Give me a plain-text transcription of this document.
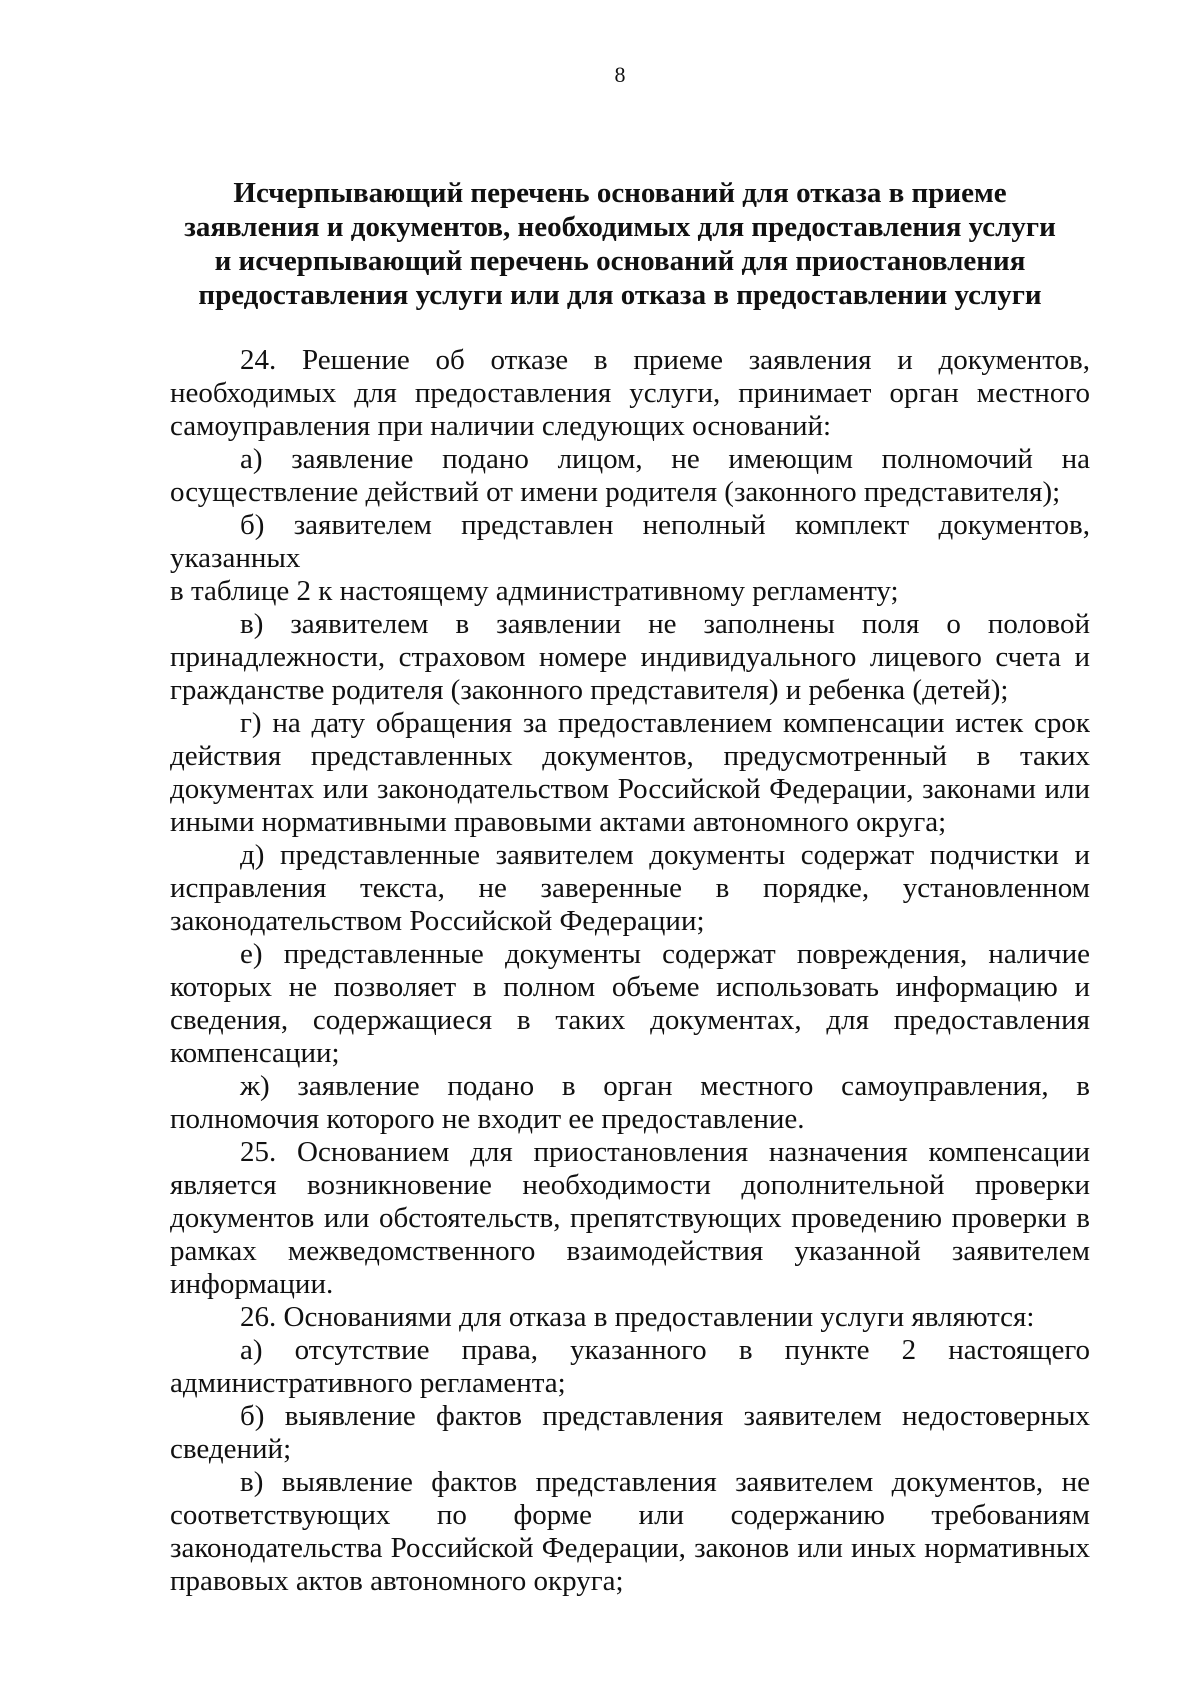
8
Исчерпывающий перечень оснований для отказа в приеме
заявления и документов, необходимых для предоставления услуги
и исчерпывающий перечень оснований для приостановления
предоставления услуги или для отказа в предоставлении услуги

24. Решение об отказе в приеме заявления и документов, необходимых для предоставления услуги, принимает орган местного самоуправления при наличии следующих оснований:

а) заявление подано лицом, не имеющим полномочий на осуществление действий от имени родителя (законного представителя);

б) заявителем представлен неполный комплект документов, указанных

в таблице 2 к настоящему административному регламенту;

в) заявителем в заявлении не заполнены поля о половой принадлежности, страховом номере индивидуального лицевого счета и гражданстве родителя (законного представителя) и ребенка (детей);

г) на дату обращения за предоставлением компенсации истек срок действия представленных документов, предусмотренный в таких документах или законодательством Российской Федерации, законами или иными нормативными правовыми актами автономного округа;

д) представленные заявителем документы содержат подчистки и исправления текста, не заверенные в порядке, установленном законодательством Российской Федерации;

е) представленные документы содержат повреждения, наличие которых не позволяет в полном объеме использовать информацию и сведения, содержащиеся в таких документах, для предоставления компенсации;

ж) заявление подано в орган местного самоуправления, в полномочия которого не входит ее предоставление.

25. Основанием для приостановления назначения компенсации является возникновение необходимости дополнительной проверки документов или обстоятельств, препятствующих проведению проверки в рамках межведомственного взаимодействия указанной заявителем информации.

26. Основаниями для отказа в предоставлении услуги являются:

а) отсутствие права, указанного в пункте 2 настоящего административного регламента;

б) выявление фактов представления заявителем недостоверных сведений;

в) выявление фактов представления заявителем документов, не соответствующих по форме или содержанию требованиям законодательства Российской Федерации, законов или иных нормативных правовых актов автономного округа;
